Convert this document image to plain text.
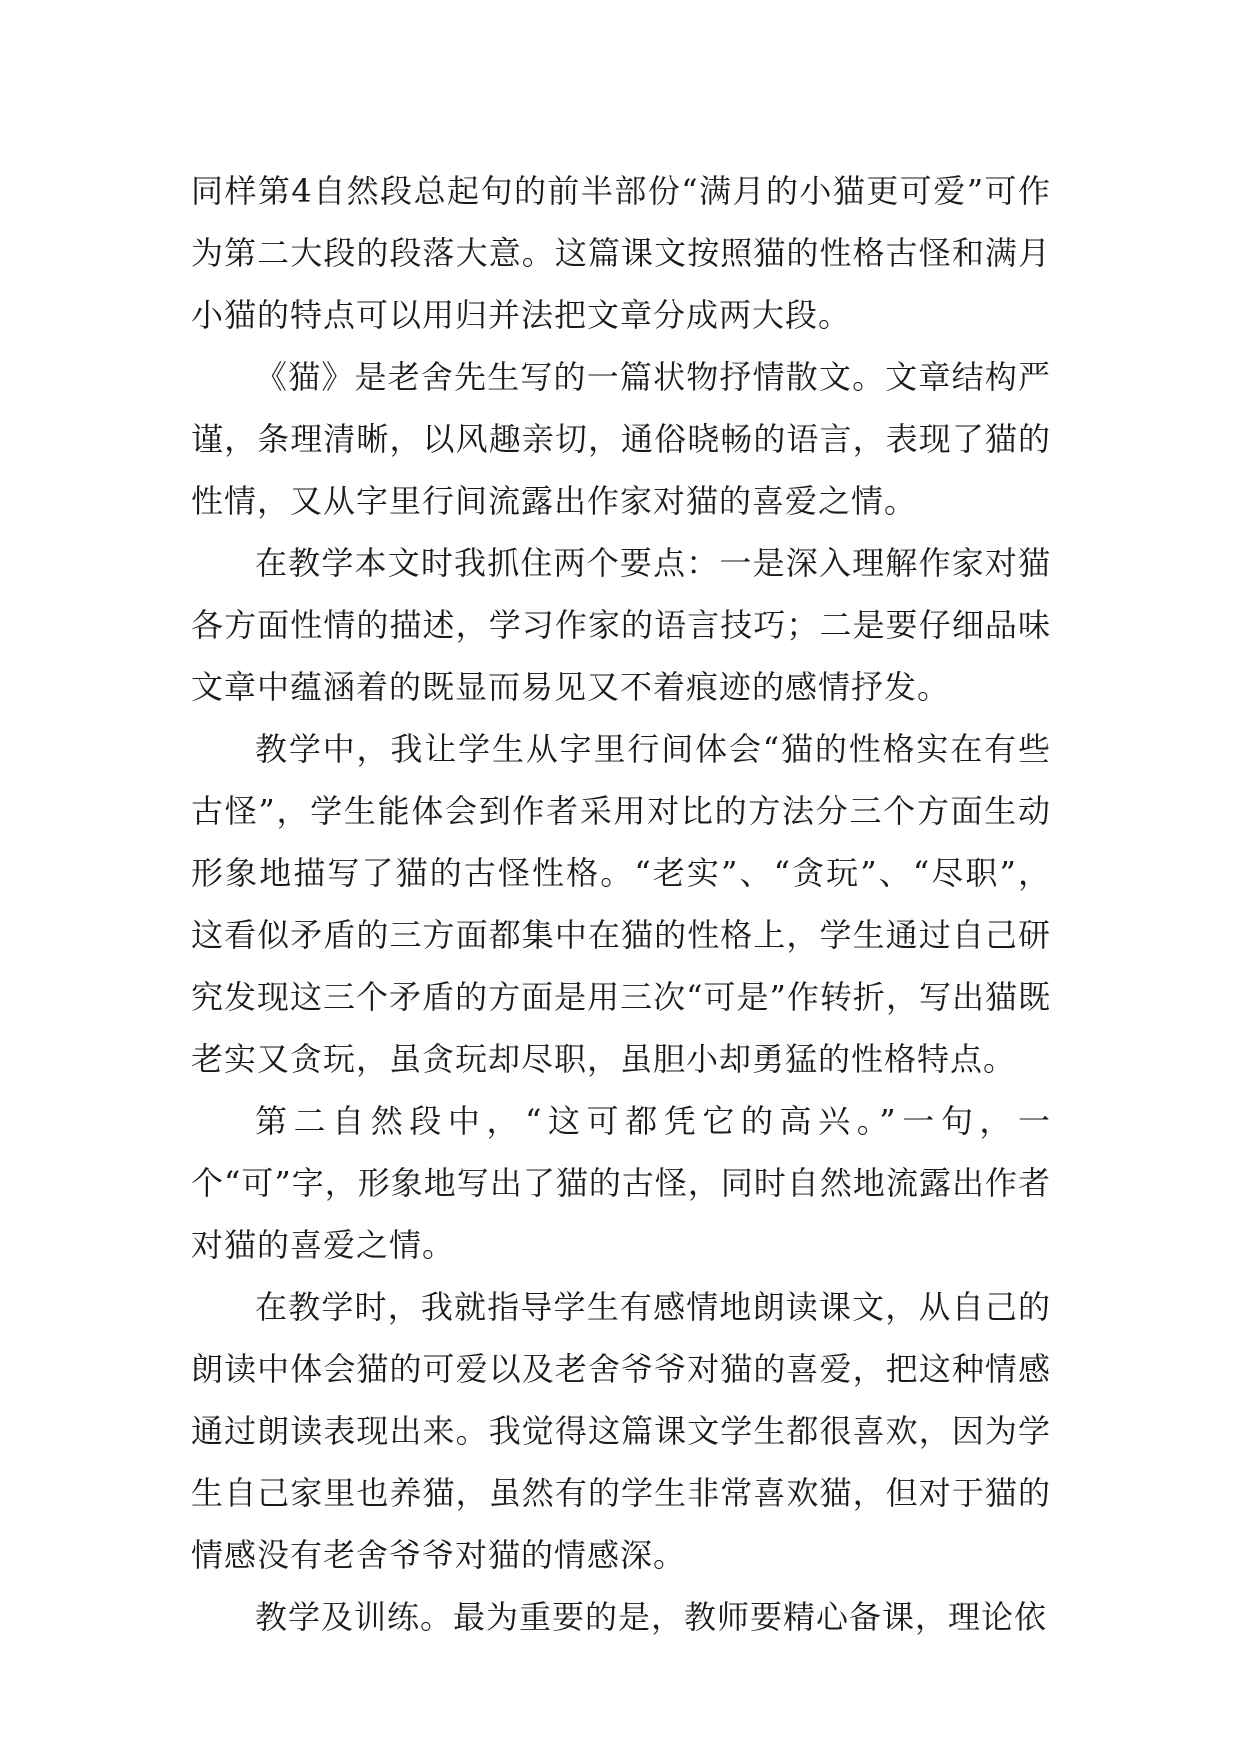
同样第4自然段总起句的前半部份“满月的小猫更可爱”可作为第二大段的段落大意。这篇课文按照猫的性格古怪和满月小猫的特点可以用归并法把文章分成两大段。

《猫》是老舍先生写的一篇状物抒情散文。文章结构严谨，条理清晰，以风趣亲切，通俗晓畅的语言，表现了猫的性情，又从字里行间流露出作家对猫的喜爱之情。

在教学本文时我抓住两个要点：一是深入理解作家对猫各方面性情的描述，学习作家的语言技巧；二是要仔细品味文章中蕴涵着的既显而易见又不着痕迹的感情抒发。

教学中，我让学生从字里行间体会“猫的性格实在有些古怪”，学生能体会到作者采用对比的方法分三个方面生动形象地描写了猫的古怪性格。“老实”、“贪玩”、“尽职”，这看似矛盾的三方面都集中在猫的性格上，学生通过自己研究发现这三个矛盾的方面是用三次“可是”作转折，写出猫既老实又贪玩，虽贪玩却尽职，虽胆小却勇猛的性格特点。

第二自然段中，“这可都凭它的高兴。”一句，一个“可”字，形象地写出了猫的古怪，同时自然地流露出作者对猫的喜爱之情。

在教学时，我就指导学生有感情地朗读课文，从自己的朗读中体会猫的可爱以及老舍爷爷对猫的喜爱，把这种情感通过朗读表现出来。我觉得这篇课文学生都很喜欢，因为学生自己家里也养猫，虽然有的学生非常喜欢猫，但对于猫的情感没有老舍爷爷对猫的情感深。

教学及训练。最为重要的是，教师要精心备课，理论依
